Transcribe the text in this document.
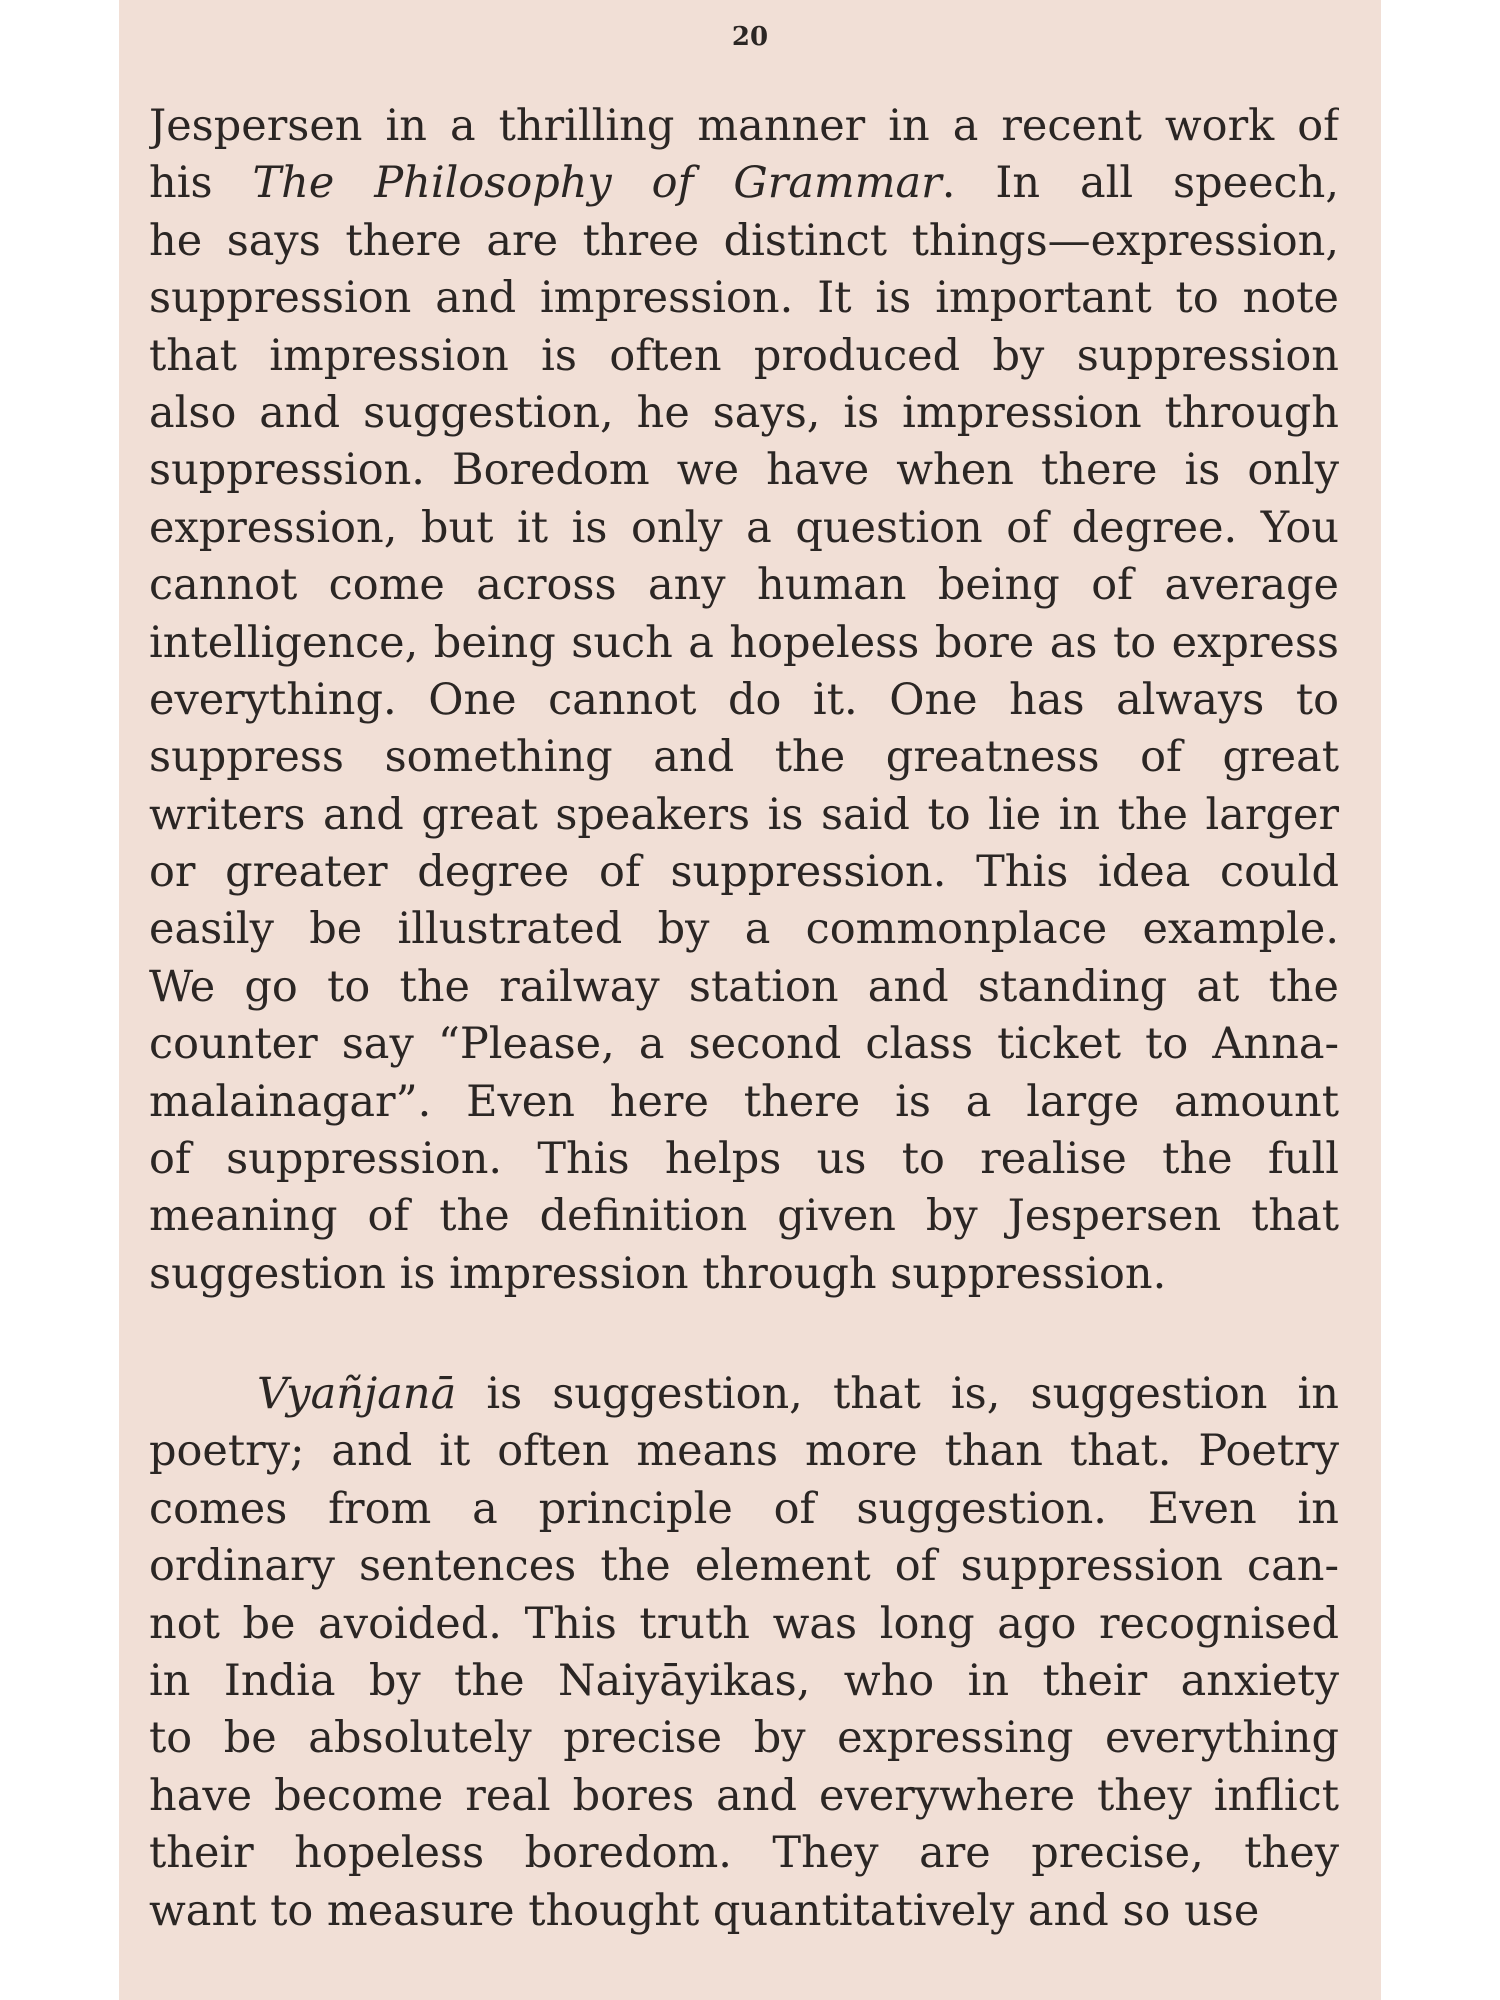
20
Jespersen in a thrilling manner in a recent work of
his The Philosophy of Grammar. In all speech,
he says there are three distinct things—expression,
suppression and impression. It is important to note
that impression is often produced by suppression
also and suggestion, he says, is impression through
suppression. Boredom we have when there is only
expression, but it is only a question of degree. You
cannot come across any human being of average
intelligence, being such a hopeless bore as to express
everything. One cannot do it. One has always to
suppress something and the greatness of great
writers and great speakers is said to lie in the larger
or greater degree of suppression. This idea could
easily be illustrated by a commonplace example.
We go to the railway station and standing at the
counter say “Please, a second class ticket to Anna-
malainagar”. Even here there is a large amount
of suppression. This helps us to realise the full
meaning of the definition given by Jespersen that
suggestion is impression through suppression.
Vyañjanā is suggestion, that is, suggestion in
poetry; and it often means more than that. Poetry
comes from a principle of suggestion. Even in
ordinary sentences the element of suppression can-
not be avoided. This truth was long ago recognised
in India by the Naiyāyikas, who in their anxiety
to be absolutely precise by expressing everything
have become real bores and everywhere they inflict
their hopeless boredom. They are precise, they
want to measure thought quantitatively and so use
